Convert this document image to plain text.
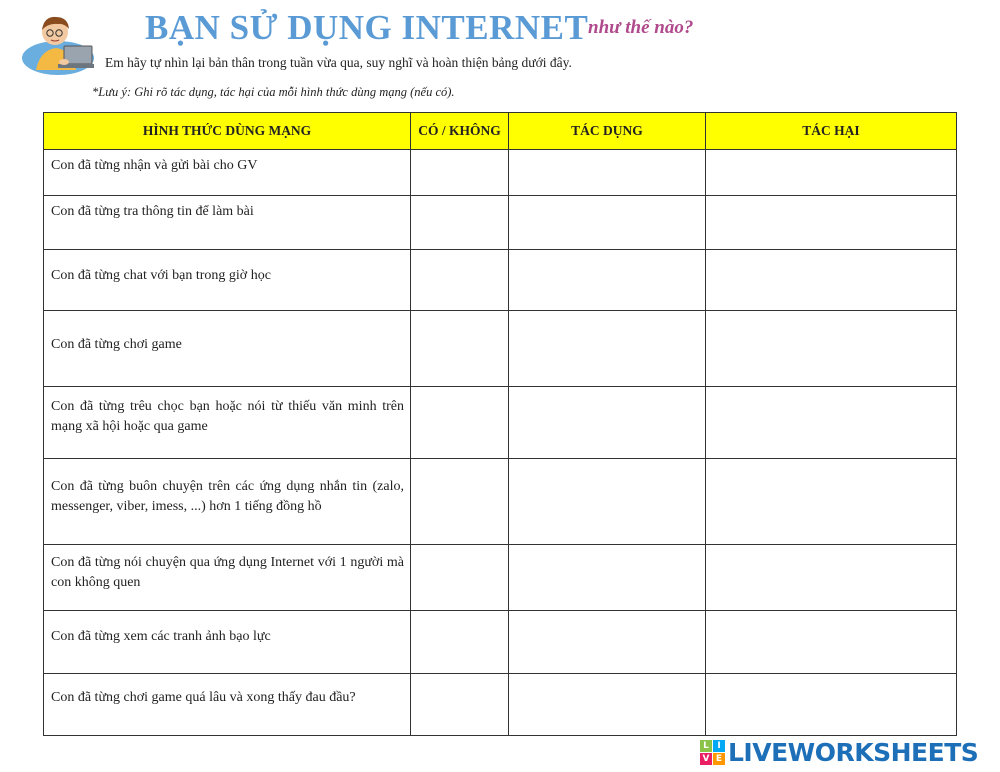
BẠN SỬ DỤNG INTERNET như thế nào?
Em hãy tự nhìn lại bản thân trong tuần vừa qua, suy nghĩ và hoàn thiện bảng dưới đây.
*Lưu ý: Ghi rõ tác dụng, tác hại của mỗi hình thức dùng mạng (nếu có).
HÌNH THỨC DÙNG MẠNG	CÓ / KHÔNG	TÁC DỤNG	TÁC HẠI
Con đã từng nhận và gửi bài cho GV			
Con đã từng tra thông tin để làm bài			
Con đã từng chat với bạn trong giờ học			
Con đã từng chơi game			
Con đã từng trêu chọc bạn hoặc nói từ thiếu văn minh trên mạng xã hội hoặc qua game			
Con đã từng buôn chuyện trên các ứng dụng nhắn tin (zalo, messenger, viber, imess, ...) hơn 1 tiếng đồng hồ			
Con đã từng nói chuyện qua ứng dụng Internet với 1 người mà con không quen			
Con đã từng xem các tranh ảnh bạo lực			
Con đã từng chơi game quá lâu và xong thấy đau đầu?			
L I
V E LIVEWORKSHEETS
